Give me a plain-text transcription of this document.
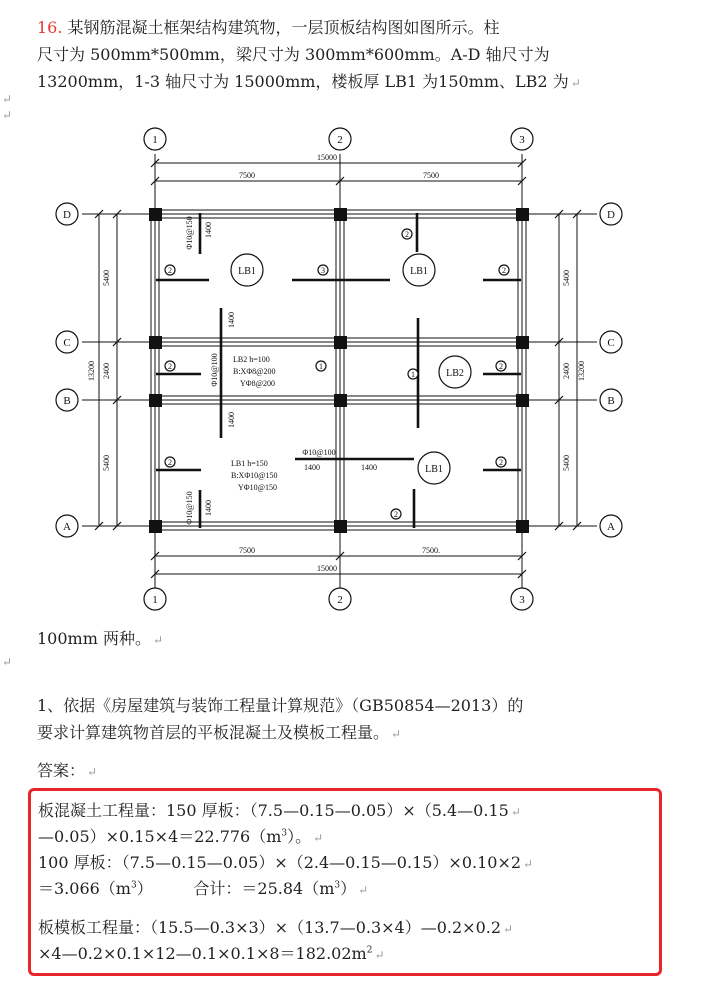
16. 某钢筋混凝土框架结构建筑物，一层顶板结构图如图所示。柱
尺寸为 500mm*500mm，梁尺寸为 300mm*600mm。A-D 轴尺寸为
13200mm，1-3 轴尺寸为 15000mm，楼板厚 LB1 为150mm、LB2 为 ↵
↵
↵
1	2	3
1	2	3
D
C
B
A
D
C
B
A
15000
7500	7500
7500	7500.
15000
5400
2400
5400
13200
5400
2400
5400
13200
1400
1400
1400
1400
1400	1400
Φ10@150
Φ10@100
Φ10@100
Φ10@150
2	3
2
2
2	1
1
2
2	2
2
LB1	LB1
LB2
LB1
LB2 h=100
B:XΦ8@200
YΦ8@200
LB1 h=150
B:XΦ10@150
YΦ10@150
100mm 两种。 ↵
↵
1、依据《房屋建筑与装饰工程量计算规范》（GB50854—2013）的
要求计算建筑物首层的平板混凝土及模板工程量。 ↵
答案： ↵
板混凝土工程量：150 厚板：（7.5—0.15—0.05）×（5.4—0.15 ↵
$—0.05)\times 0.15\times 4=22.776(m^3)$。 ↵
100 厚板：（7.5—0.15—0.05）×（2.4—0.15—0.15）×0.10×2 ↵
$=3.066(m^3)$        合计：$=25.84(m^3)$ ↵
板模板工程量：（15.5—0.3×3）×（13.7—0.3×4）—0.2×0.2 ↵
$\times 4—0.2\times 0.1\times 12—0.1\times 0.1\times 8=182.02m^2$ ↵
